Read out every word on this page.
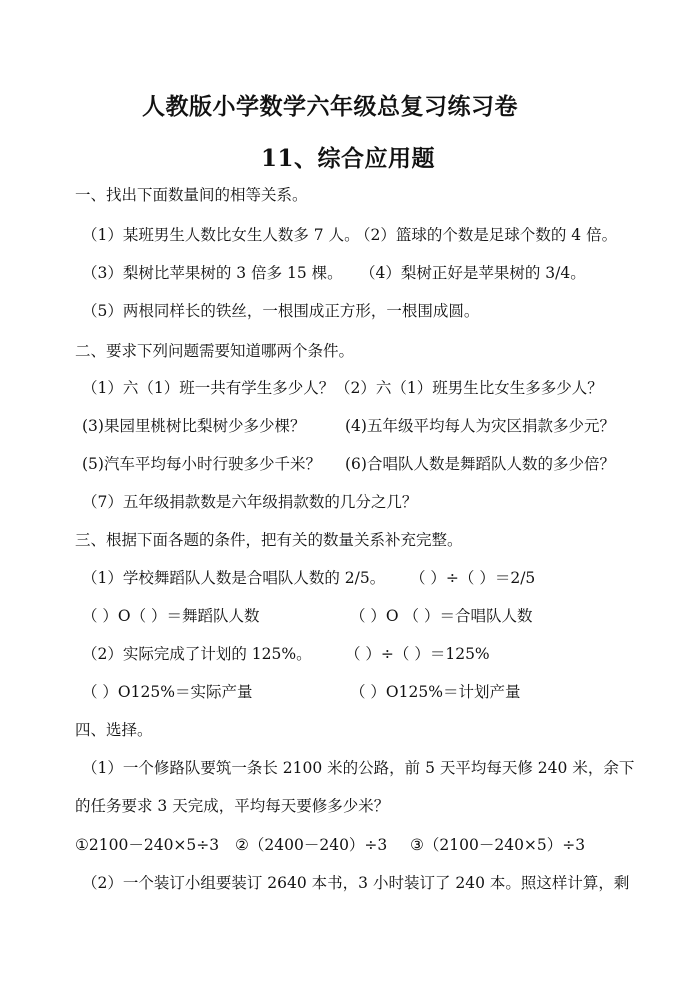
人教版小学数学六年级总复习练习卷
11、综合应用题
一、找出下面数量间的相等关系。
（1）某班男生人数比女生人数多 7 人。
（2）篮球的个数是足球个数的 4 倍。
（3）梨树比苹果树的 3 倍多 15 棵。 （4）梨树正好是苹果树的 3/4。
（5）两根同样长的铁丝，一根围成正方形，一根围成圆。
二、要求下列问题需要知道哪两个条件。
（1）六（1）班一共有学生多少人？ （2）六（1）班男生比女生多多少人？
(3)果园里桃树比梨树少多少棵？	(4)五年级平均每人为灾区捐款多少元？
(5)汽车平均每小时行驶多少千米？ (6)合唱队人数是舞蹈队人数的多少倍？
（7）五年级捐款数是六年级捐款数的几分之几？
三、根据下面各题的条件，把有关的数量关系补充完整。
（1）学校舞蹈队人数是合唱队人数的 2/5。 （ ）÷（ ）＝2/5
（ ）O（ ）＝舞蹈队人数	（ ）O （ ）＝合唱队人数
（2）实际完成了计划的 125%。 （ ）÷（ ）＝125%
（ ）O125%＝实际产量	（ ）O125%＝计划产量
四、选择。
（1）一个修路队要筑一条长 2100 米的公路，前 5 天平均每天修 240 米，余下
的任务要求 3 天完成，平均每天要修多少米？
①2100－240×5÷3 ②（2400－240）÷3 ③（2100－240×5）÷3
（2）一个装订小组要装订 2640 本书，3 小时装订了 240 本。照这样计算，剩
